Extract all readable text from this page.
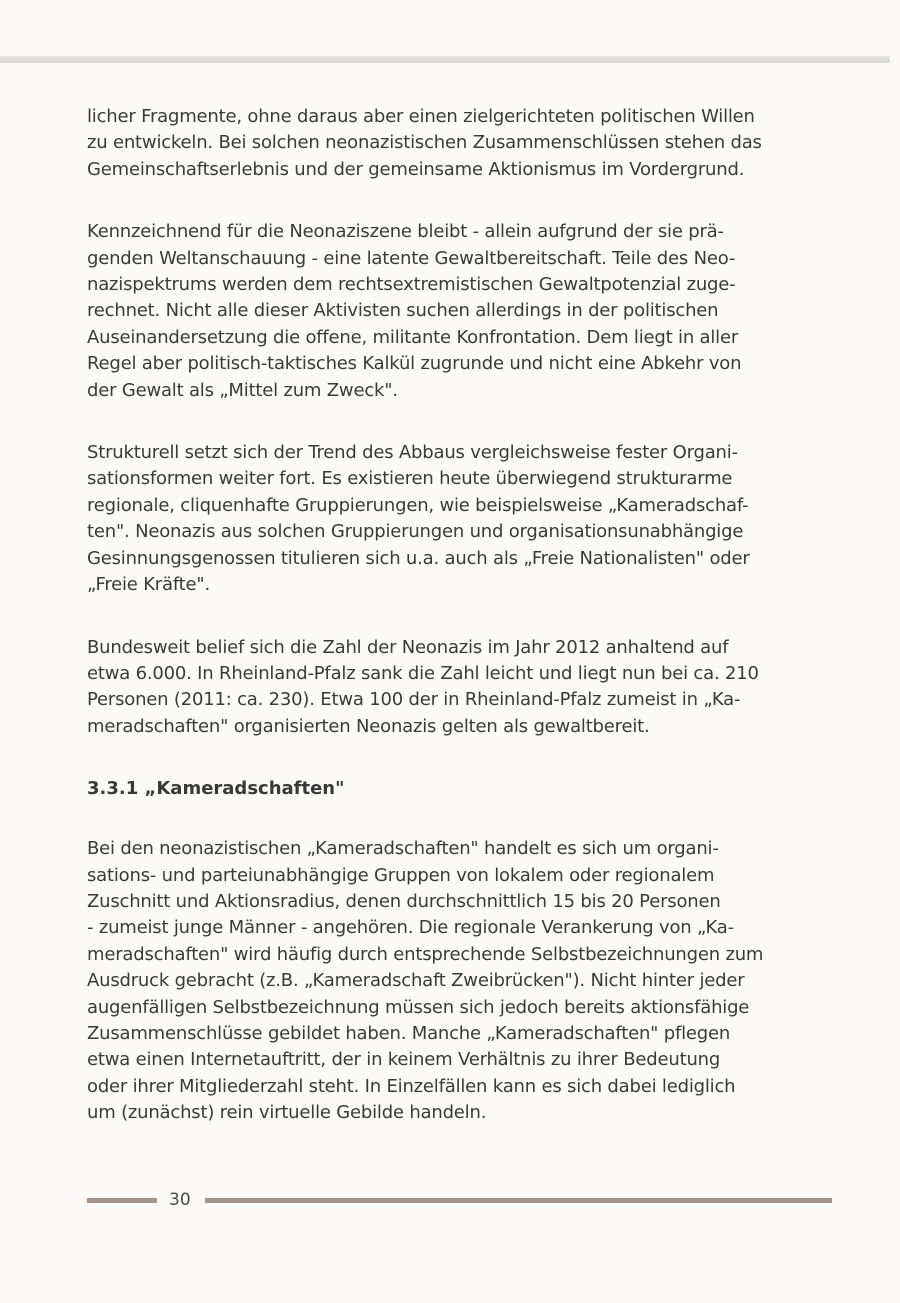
licher Fragmente, ohne daraus aber einen zielgerichteten politischen Willen
zu entwickeln. Bei solchen neonazistischen Zusammenschlüssen stehen das
Gemeinschaftserlebnis und der gemeinsame Aktionismus im Vordergrund.
Kennzeichnend für die Neonaziszene bleibt - allein aufgrund der sie prä-
genden Weltanschauung - eine latente Gewaltbereitschaft. Teile des Neo-
nazispektrums werden dem rechtsextremistischen Gewaltpotenzial zuge-
rechnet. Nicht alle dieser Aktivisten suchen allerdings in der politischen
Auseinandersetzung die offene, militante Konfrontation. Dem liegt in aller
Regel aber politisch-taktisches Kalkül zugrunde und nicht eine Abkehr von
der Gewalt als „Mittel zum Zweck".
Strukturell setzt sich der Trend des Abbaus vergleichsweise fester Organi-
sationsformen weiter fort. Es existieren heute überwiegend strukturarme
regionale, cliquenhafte Gruppierungen, wie beispielsweise „Kameradschaf-
ten". Neonazis aus solchen Gruppierungen und organisationsunabhängige
Gesinnungsgenossen titulieren sich u.a. auch als „Freie Nationalisten" oder
„Freie Kräfte".
Bundesweit belief sich die Zahl der Neonazis im Jahr 2012 anhaltend auf
etwa 6.000. In Rheinland-Pfalz sank die Zahl leicht und liegt nun bei ca. 210
Personen (2011: ca. 230). Etwa 100 der in Rheinland-Pfalz zumeist in „Ka-
meradschaften" organisierten Neonazis gelten als gewaltbereit.
3.3.1 „Kameradschaften"
Bei den neonazistischen „Kameradschaften" handelt es sich um organi-
sations- und parteiunabhängige Gruppen von lokalem oder regionalem
Zuschnitt und Aktionsradius, denen durchschnittlich 15 bis 20 Personen
- zumeist junge Männer - angehören. Die regionale Verankerung von „Ka-
meradschaften" wird häufig durch entsprechende Selbstbezeichnungen zum
Ausdruck gebracht (z.B. „Kameradschaft Zweibrücken"). Nicht hinter jeder
augenfälligen Selbstbezeichnung müssen sich jedoch bereits aktionsfähige
Zusammenschlüsse gebildet haben. Manche „Kameradschaften" pflegen
etwa einen Internetauftritt, der in keinem Verhältnis zu ihrer Bedeutung
oder ihrer Mitgliederzahl steht. In Einzelfällen kann es sich dabei lediglich
um (zunächst) rein virtuelle Gebilde handeln.
30
